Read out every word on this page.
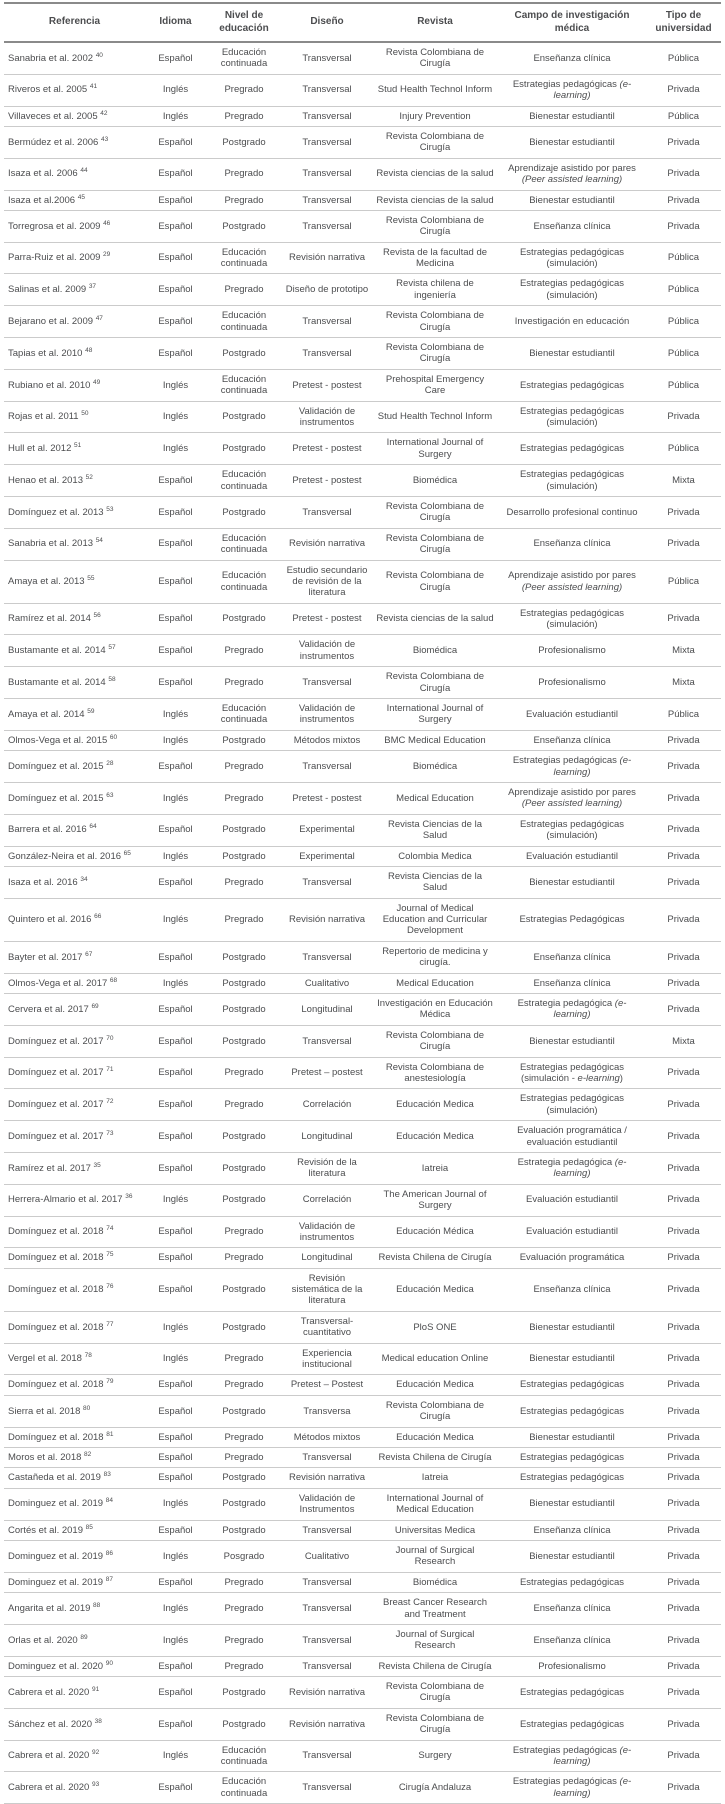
Referencia	Idioma	Nivel de educación	Diseño	Revista	Campo de investigación médica	Tipo de universidad
Sanabria et al. 2002 $^{40}$	Español	Educación continuada	Transversal	Revista Colombiana de Cirugía	Enseñanza clínica	Pública
Riveros et al. 2005 $^{41}$	Inglés	Pregrado	Transversal	Stud Health Technol Inform	Estrategias pedagógicas (e-learning)	Privada
Villaveces et al. 2005 $^{42}$	Inglés	Pregrado	Transversal	Injury Prevention	Bienestar estudiantil	Pública
Bermúdez et al. 2006 $^{43}$	Español	Postgrado	Transversal	Revista Colombiana de Cirugía	Bienestar estudiantil	Privada
Isaza et al. 2006 $^{44}$	Español	Pregrado	Transversal	Revista ciencias de la salud	Aprendizaje asistido por pares (Peer assisted learning)	Privada
Isaza et al.2006 $^{45}$	Español	Pregrado	Transversal	Revista ciencias de la salud	Bienestar estudiantil	Privada
Torregrosa et al. 2009 $^{46}$	Español	Postgrado	Transversal	Revista Colombiana de Cirugía	Enseñanza clínica	Privada
Parra-Ruiz et al. 2009 $^{29}$	Español	Educación continuada	Revisión narrativa	Revista de la facultad de Medicina	Estrategias pedagógicas (simulación)	Pública
Salinas et al. 2009 $^{37}$	Español	Pregrado	Diseño de prototipo	Revista chilena de ingeniería	Estrategias pedagógicas (simulación)	Pública
Bejarano et al. 2009 $^{47}$	Español	Educación continuada	Transversal	Revista Colombiana de Cirugía	Investigación en educación	Pública
Tapias et al. 2010 $^{48}$	Español	Postgrado	Transversal	Revista Colombiana de Cirugía	Bienestar estudiantil	Pública
Rubiano et al. 2010 $^{49}$	Inglés	Educación continuada	Pretest - postest	Prehospital Emergency Care	Estrategias pedagógicas	Pública
Rojas et al. 2011 $^{50}$	Inglés	Postgrado	Validación de instrumentos	Stud Health Technol Inform	Estrategias pedagógicas (simulación)	Privada
Hull et al. 2012 $^{51}$	Inglés	Postgrado	Pretest - postest	International Journal of Surgery	Estrategias pedagógicas	Pública
Henao et al. 2013 $^{52}$	Español	Educación continuada	Pretest - postest	Biomédica	Estrategias pedagógicas (simulación)	Mixta
Domínguez et al. 2013 $^{53}$	Español	Postgrado	Transversal	Revista Colombiana de Cirugía	Desarrollo profesional continuo	Privada
Sanabria et al. 2013 $^{54}$	Español	Educación continuada	Revisión narrativa	Revista Colombiana de Cirugía	Enseñanza clínica	Privada
Amaya et al. 2013 $^{55}$	Español	Educación continuada	Estudio secundario de revisión de la literatura	Revista Colombiana de Cirugía	Aprendizaje asistido por pares (Peer assisted learning)	Pública
Ramírez et al. 2014 $^{56}$	Español	Postgrado	Pretest - postest	Revista ciencias de la salud	Estrategias pedagógicas (simulación)	Privada
Bustamante et al. 2014 $^{57}$	Español	Pregrado	Validación de instrumentos	Biomédica	Profesionalismo	Mixta
Bustamante et al. 2014 $^{58}$	Español	Pregrado	Transversal	Revista Colombiana de Cirugía	Profesionalismo	Mixta
Amaya et al. 2014 $^{59}$	Inglés	Educación continuada	Validación de instrumentos	International Journal of Surgery	Evaluación estudiantil	Pública
Olmos-Vega et al. 2015 $^{60}$	Inglés	Postgrado	Métodos mixtos	BMC Medical Education	Enseñanza clínica	Privada
Domínguez et al. 2015 $^{28}$	Español	Pregrado	Transversal	Biomédica	Estrategias pedagógicas (e-learning)	Privada
Domínguez et al. 2015 $^{63}$	Inglés	Pregrado	Pretest - postest	Medical Education	Aprendizaje asistido por pares (Peer assisted learning)	Privada
Barrera et al. 2016 $^{64}$	Español	Postgrado	Experimental	Revista Ciencias de la Salud	Estrategias pedagógicas (simulación)	Privada
González-Neira et al. 2016 $^{65}$	Inglés	Postgrado	Experimental	Colombia Medica	Evaluación estudiantil	Privada
Isaza et al. 2016 $^{34}$	Español	Pregrado	Transversal	Revista Ciencias de la Salud	Bienestar estudiantil	Privada
Quintero et al. 2016 $^{66}$	Inglés	Pregrado	Revisión narrativa	Journal of Medical Education and Curricular Development	Estrategias Pedagógicas	Privada
Bayter et al. 2017 $^{67}$	Español	Postgrado	Transversal	Repertorio de medicina y cirugía.	Enseñanza clínica	Privada
Olmos-Vega et al. 2017 $^{68}$	Inglés	Postgrado	Cualitativo	Medical Education	Enseñanza clínica	Privada
Cervera et al. 2017 $^{69}$	Español	Postgrado	Longitudinal	Investigación en Educación Médica	Estrategia pedagógica (e-learning)	Privada
Domínguez et al. 2017 $^{70}$	Español	Postgrado	Transversal	Revista Colombiana de Cirugía	Bienestar estudiantil	Mixta
Domínguez et al. 2017 $^{71}$	Español	Pregrado	Pretest – postest	Revista Colombiana de anestesiología	Estrategias pedagógicas (simulación - e-learning)	Privada
Domínguez et al. 2017 $^{72}$	Español	Pregrado	Correlación	Educación Medica	Estrategias pedagógicas (simulación)	Privada
Domínguez et al. 2017 $^{73}$	Español	Postgrado	Longitudinal	Educación Medica	Evaluación programática / evaluación estudiantil	Privada
Ramírez et al. 2017 $^{35}$	Español	Postgrado	Revisión de la literatura	Iatreia	Estrategia pedagógica (e-learning)	Privada
Herrera-Almario et al. 2017 $^{36}$	Inglés	Postgrado	Correlación	The American Journal of Surgery	Evaluación estudiantil	Privada
Domínguez et al. 2018 $^{74}$	Español	Pregrado	Validación de instrumentos	Educación Médica	Evaluación estudiantil	Privada
Domínguez et al. 2018 $^{75}$	Español	Pregrado	Longitudinal	Revista Chilena de Cirugía	Evaluación programática	Privada
Domínguez et al. 2018 $^{76}$	Español	Postgrado	Revisión sistemática de la literatura	Educación Medica	Enseñanza clínica	Privada
Domínguez et al. 2018 $^{77}$	Inglés	Postgrado	Transversal-cuantitativo	PloS ONE	Bienestar estudiantil	Privada
Vergel et al. 2018 $^{78}$	Inglés	Pregrado	Experiencia institucional	Medical education Online	Bienestar estudiantil	Privada
Domínguez et al. 2018 $^{79}$	Español	Pregrado	Pretest – Postest	Educación Medica	Estrategias pedagógicas	Privada
Sierra et al. 2018 $^{80}$	Español	Postgrado	Transversa	Revista Colombiana de Cirugía	Estrategias pedagógicas	Privada
Domínguez et al. 2018 $^{81}$	Español	Pregrado	Métodos mixtos	Educación Medica	Bienestar estudiantil	Privada
Moros et al. 2018 $^{82}$	Español	Pregrado	Transversal	Revista Chilena de Cirugía	Estrategias pedagógicas	Privada
Castañeda et al. 2019 $^{83}$	Español	Postgrado	Revisión narrativa	Iatreia	Estrategias pedagógicas	Privada
Dominguez et al. 2019 $^{84}$	Inglés	Postgrado	Validación de Instrumentos	International Journal of Medical Education	Bienestar estudiantil	Privada
Cortés et al. 2019 $^{85}$	Español	Postgrado	Transversal	Universitas Medica	Enseñanza clínica	Privada
Dominguez et al. 2019 $^{86}$	Inglés	Posgrado	Cualitativo	Journal of Surgical Research	Bienestar estudiantil	Privada
Dominguez et al. 2019 $^{87}$	Español	Pregrado	Transversal	Biomédica	Estrategias pedagógicas	Privada
Angarita et al. 2019 $^{88}$	Inglés	Pregrado	Transversal	Breast Cancer Research and Treatment	Enseñanza clínica	Privada
Orlas et al. 2020 $^{89}$	Inglés	Pregrado	Transversal	Journal of Surgical Research	Enseñanza clínica	Privada
Dominguez et al. 2020 $^{90}$	Español	Pregrado	Transversal	Revista Chilena de Cirugía	Profesionalismo	Privada
Cabrera et al. 2020 $^{91}$	Español	Postgrado	Revisión narrativa	Revista Colombiana de Cirugía	Estrategias pedagógicas	Privada
Sánchez et al. 2020 $^{38}$	Español	Postgrado	Revisión narrativa	Revista Colombiana de Cirugía	Estrategias pedagógicas	Privada
Cabrera et al. 2020 $^{92}$	Inglés	Educación continuada	Transversal	Surgery	Estrategias pedagógicas (e-learning)	Privada
Cabrera et al. 2020 $^{93}$	Español	Educación continuada	Transversal	Cirugía Andaluza	Estrategias pedagógicas (e-learning)	Privada
